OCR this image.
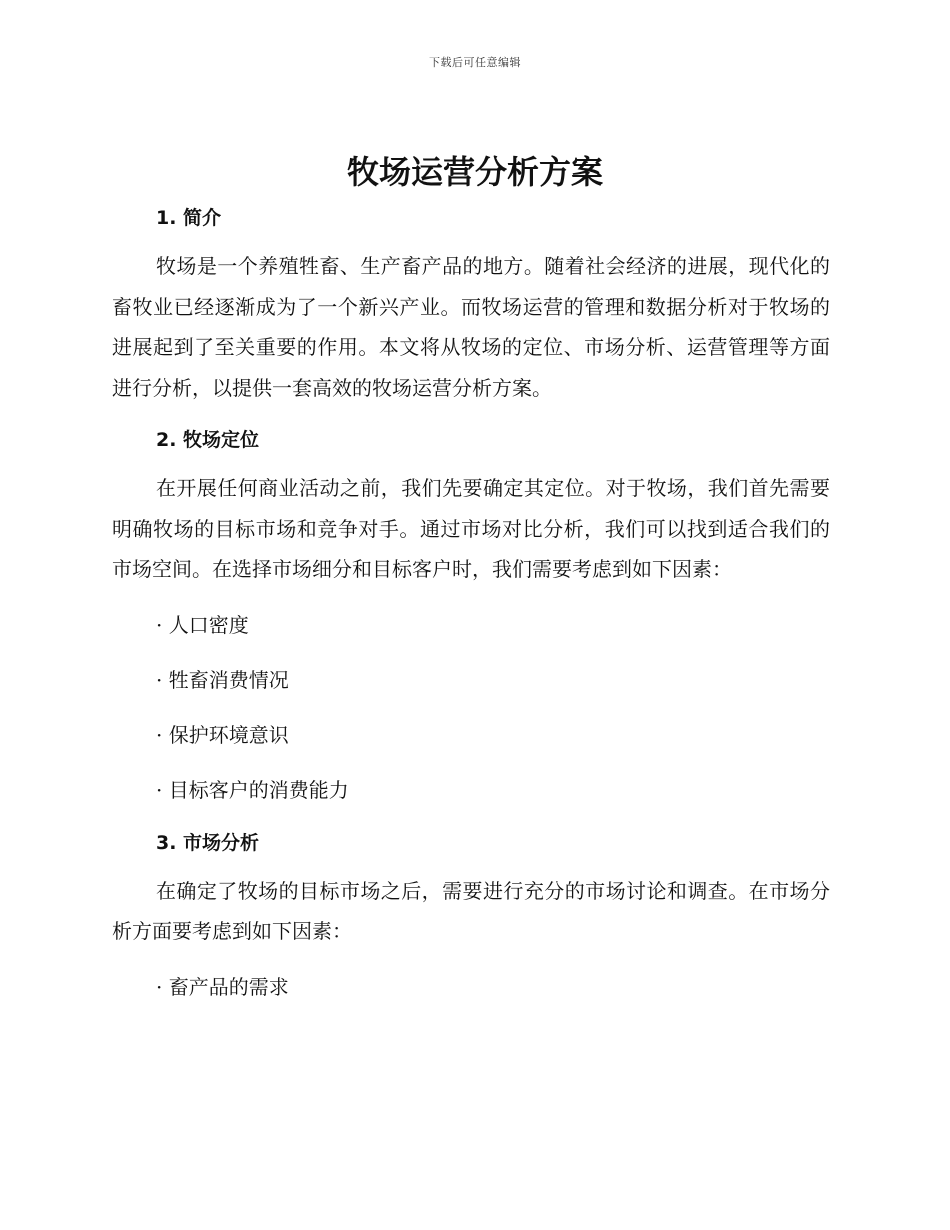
下载后可任意编辑
牧场运营分析方案
1. 简介

牧场是一个养殖牲畜、生产畜产品的地方。随着社会经济的进展，现代化的畜牧业已经逐渐成为了一个新兴产业。而牧场运营的管理和数据分析对于牧场的进展起到了至关重要的作用。本文将从牧场的定位、市场分析、运营管理等方面进行分析，以提供一套高效的牧场运营分析方案。

2. 牧场定位

在开展任何商业活动之前，我们先要确定其定位。对于牧场，我们首先需要明确牧场的目标市场和竞争对手。通过市场对比分析，我们可以找到适合我们的市场空间。在选择市场细分和目标客户时，我们需要考虑到如下因素：

· 人口密度

· 牲畜消费情况

· 保护环境意识

· 目标客户的消费能力

3. 市场分析

在确定了牧场的目标市场之后，需要进行充分的市场讨论和调查。在市场分析方面要考虑到如下因素：

· 畜产品的需求
